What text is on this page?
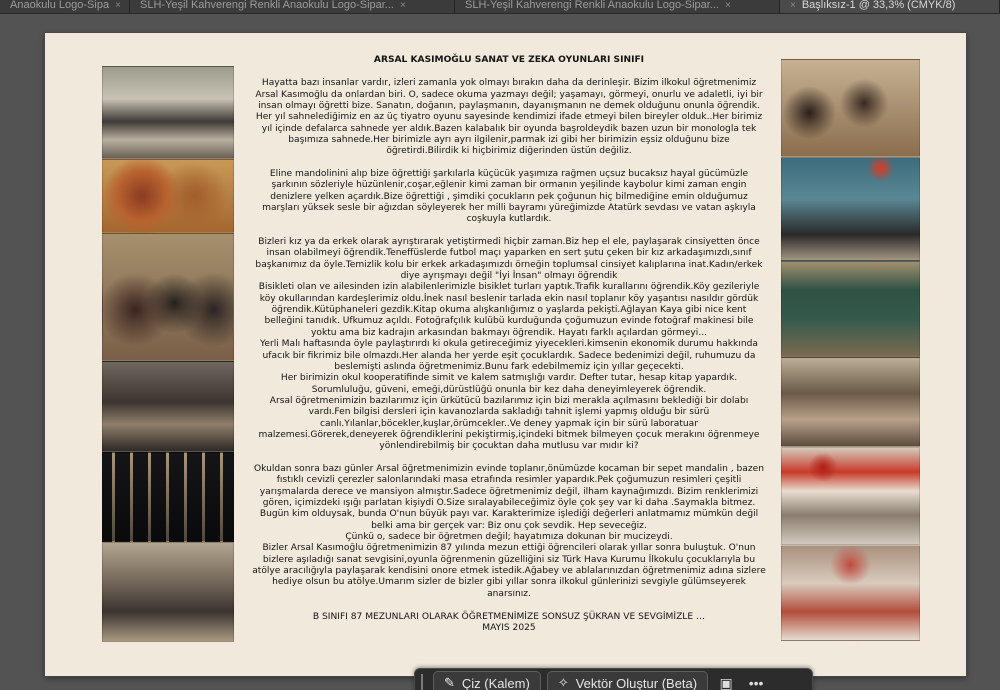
Anaokulu Logo-Sipa × SLH-Yeşil Kahverengi Renkli Anaokulu Logo-Sipar... ×	SLH-Yeşil Kahverengi Renkli Anaokulu Logo-Sipar... ×	× Başlıksız-1 @ 33,3% (CMYK/8)
ARSAL KASIMOĞLU SANAT VE ZEKA OYUNLARI SINIFI

Hayatta bazı insanlar vardır, izleri zamanla yok olmayı bırakın daha da derinleşir. Bizim ilkokul öğretmenimiz Arsal Kasımoğlu da onlardan biri. O, sadece okuma yazmayı değil; yaşamayı, görmeyi, onurlu ve adaletli, iyi bir insan olmayı öğretti bize. Sanatın, doğanın, paylaşmanın, dayanışmanın ne demek olduğunu onunla öğrendik. Her yıl sahnelediğimiz en az üç tiyatro oyunu sayesinde kendimizi ifade etmeyi bilen bireyler olduk..Her birimiz yıl içinde defalarca sahnede yer aldık.Bazen kalabalık bir oyunda başroldeydik bazen uzun bir monologla tek başımıza sahnede.Her birimizle ayrı ayrı ilgilenir,parmak izi gibi her birimizin eşsiz olduğunu bize öğretirdi.Bilirdik ki hiçbirimiz diğerinden üstün değiliz.

Eline mandolinini alıp bize öğrettiği şarkılarla küçücük yaşımıza rağmen uçsuz bucaksız hayal gücümüzle şarkının sözleriyle hüzünlenir,coşar,eğlenir kimi zaman bir ormanın yeşilinde kaybolur kimi zaman engin denizlere yelken açardık.Bize öğrettiği , şimdiki çocukların pek çoğunun hiç bilmediğine emin olduğumuz marşları yüksek sesle bir ağızdan söyleyerek her milli bayramı yüreğimizde Atatürk sevdası ve vatan aşkıyla coşkuyla kutlardık.

Bizleri kız ya da erkek olarak ayrıştırarak yetiştirmedi hiçbir zaman.Biz hep el ele, paylaşarak cinsiyetten önce insan olabilmeyi öğrendik.Teneffüslerde futbol maçı yaparken en sert şutu çeken bir kız arkadaşımızdı,sınıf başkanımız da öyle.Temizlik kolu bir erkek arkadaşımızdı örneğin toplumsal cinsiyet kalıplarına inat.Kadın/erkek diye ayrışmayı değil "İyi İnsan" olmayı öğrendik

Bisikleti olan ve ailesinden izin alabilenlerimizle bisiklet turları yaptık.Trafik kurallarını öğrendik.Köy gezileriyle köy okullarından kardeşlerimiz oldu.İnek nasıl beslenir tarlada ekin nasıl toplanır köy yaşantısı nasıldır gördük öğrendik.Kütüphaneleri gezdik.Kitap okuma alışkanlığımız o yaşlarda pekişti.Ağlayan Kaya gibi nice kent belleğini tanıdık. Ufkumuz açıldı. Fotoğrafçılık kulübü kurduğunda çoğumuzun evinde fotoğraf makinesi bile yoktu ama biz kadrajın arkasından bakmayı öğrendik. Hayatı farklı açılardan görmeyi...

Yerli Malı haftasında öyle paylaştırırdı ki okula getireceğimiz yiyecekleri.kimsenin ekonomik durumu hakkında ufacık bir fikrimiz bile olmazdı.Her alanda her yerde eşit çocuklardık. Sadece bedenimizi değil, ruhumuzu da beslemişti aslında öğretmenimiz.Bunu fark edebilmemiz için yıllar geçecekti.

Her birimizin okul kooperatifinde simit ve kalem satmışlığı vardır. Defter tutar, hesap kitap yapardık. Sorumluluğu, güveni, emeği,dürüstlüğü onunla bir kez daha deneyimleyerek öğrendik.

Arsal öğretmenimizin bazılarımız için ürkütücü bazılarımız için bizi merakla açılmasını beklediği bir dolabı vardı.Fen bilgisi dersleri için kavanozlarda sakladığı tahnit işlemi yapmış olduğu bir sürü canlı.Yılanlar,böcekler,kuşlar,örümcekler..Ve deney yapmak için bir sürü laboratuar malzemesi.Görerek,deneyerek öğrendiklerini pekiştirmiş,içindeki bitmek bilmeyen çocuk merakını öğrenmeye yönlendirebilmiş bir çocuktan daha mutlusu var mıdır ki?

Okuldan sonra bazı günler Arsal öğretmenimizin evinde toplanır,önümüzde kocaman bir sepet mandalin , bazen fıstıklı cevizli çerezler salonlarındaki masa etrafında resimler yapardık.Pek çoğumuzun resimleri çeşitli yarışmalarda derece ve mansiyon almıştır.Sadece öğretmenimiz değil, ilham kaynağımızdı. Bizim renklerimizi gören, içimizdeki ışığı parlatan kişiydi O.Size sıralayabileceğimiz öyle çok şey var ki daha .Saymakla bitmez. Bugün kim olduysak, bunda O'nun büyük payı var. Karakterimize işlediği değerleri anlatmamız mümkün değil belki ama bir gerçek var: Biz onu çok sevdik. Hep seveceğiz.

Çünkü o, sadece bir öğretmen değil; hayatımıza dokunan bir mucizeydi.

Bizler Arsal Kasımoğlu öğretmenimizin 87 yılında mezun ettiği öğrencileri olarak yıllar sonra buluştuk. O'nun bizlere aşıladığı sanat sevgisini,oyunla öğrenmenin güzelliğini siz Türk Hava Kurumu İlkokulu çocuklarıyla bu atölye aracılığıyla paylaşarak kendisini onore etmek istedik.Ağabey ve ablalarınızdan öğretmenimiz adına sizlere hediye olsun bu atölye.Umarım sizler de bizler gibi yıllar sonra ilkokul günlerinizi sevgiyle gülümseyerek anarsınız.

B SINIFI 87 MEZUNLARI OLARAK ÖĞRETMENİMİZE SONSUZ ŞÜKRAN VE SEVGİMİZLE …

MAYIS 2025

✎ Çiz (Kalem) ✧ Vektör Oluştur (Beta)	▣	•••
